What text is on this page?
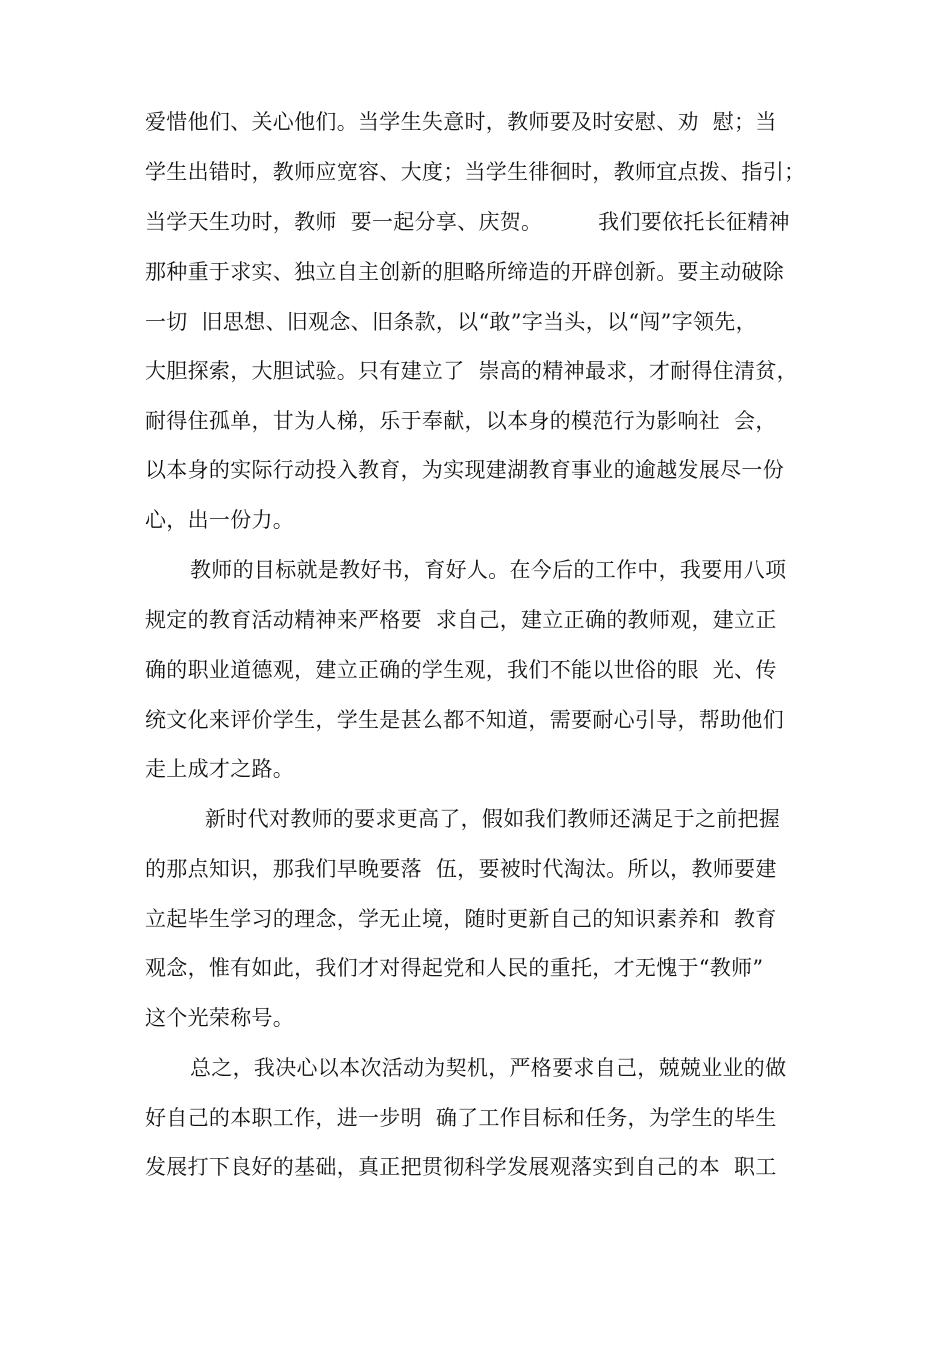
爱惜他们、关心他们。当学生失意时，教师要及时安慰、劝  慰；当
学生出错时，教师应宽容、大度；当学生徘徊时，教师宜点拨、指引；
当学天生功时，教师  要一起分享、庆贺。        我们要依托长征精神
那种重于求实、独立自主创新的胆略所缔造的开辟创新。要主动破除
一切  旧思想、旧观念、旧条款，以“敢”字当头，以“闯”字领先，
大胆探索，大胆试验。只有建立了  崇高的精神最求，才耐得住清贫，
耐得住孤单，甘为人梯，乐于奉献，以本身的模范行为影响社  会，
以本身的实际行动投入教育，为实现建湖教育事业的逾越发展尽一份
心，出一份力。
教师的目标就是教好书，育好人。在今后的工作中，我要用八项
规定的教育活动精神来严格要  求自己，建立正确的教师观，建立正
确的职业道德观，建立正确的学生观，我们不能以世俗的眼  光、传
统文化来评价学生，学生是甚么都不知道，需要耐心引导，帮助他们
走上成才之路。
新时代对教师的要求更高了，假如我们教师还满足于之前把握
的那点知识，那我们早晚要落  伍，要被时代淘汰。所以，教师要建
立起毕生学习的理念，学无止境，随时更新自己的知识素养和  教育
观念，惟有如此，我们才对得起党和人民的重托，才无愧于“教师”
这个光荣称号。
总之，我决心以本次活动为契机，严格要求自己，兢兢业业的做
好自己的本职工作，进一步明  确了工作目标和任务，为学生的毕生
发展打下良好的基础，真正把贯彻科学发展观落实到自己的本  职工
